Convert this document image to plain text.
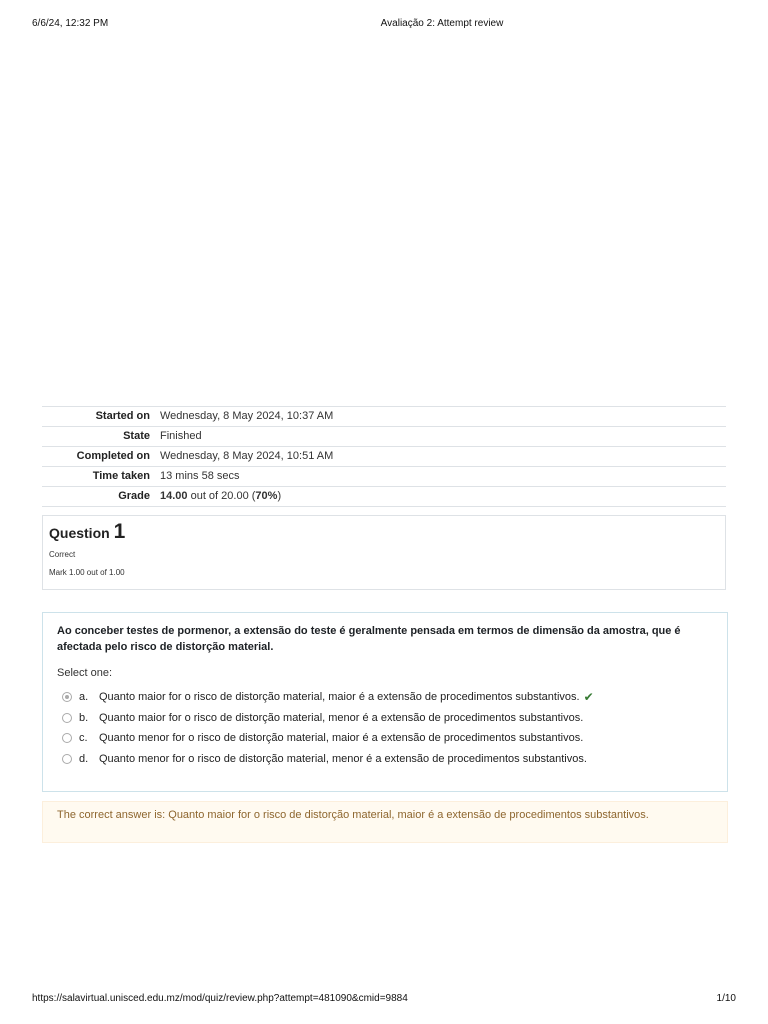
6/6/24, 12:32 PM	Avaliação 2: Attempt review
Started on	Wednesday, 8 May 2024, 10:37 AM
State	Finished
Completed on	Wednesday, 8 May 2024, 10:51 AM
Time taken	13 mins 58 secs
Grade	14.00 out of 20.00 (70%)
Question 1
Correct
Mark 1.00 out of 1.00
Ao conceber testes de pormenor, a extensão do teste é geralmente pensada em termos de dimensão da amostra, que é afectada pelo risco de distorção material.
Select one:
a. Quanto maior for o risco de distorção material, maior é a extensão de procedimentos substantivos. ✔
b. Quanto maior for o risco de distorção material, menor é a extensão de procedimentos substantivos.
c.	Quanto menor for o risco de distorção material, maior é a extensão de procedimentos substantivos.
d. Quanto menor for o risco de distorção material, menor é a extensão de procedimentos substantivos.
The correct answer is: Quanto maior for o risco de distorção material, maior é a extensão de procedimentos substantivos.
https://salavirtual.unisced.edu.mz/mod/quiz/review.php?attempt=481090&cmid=9884	1/10
